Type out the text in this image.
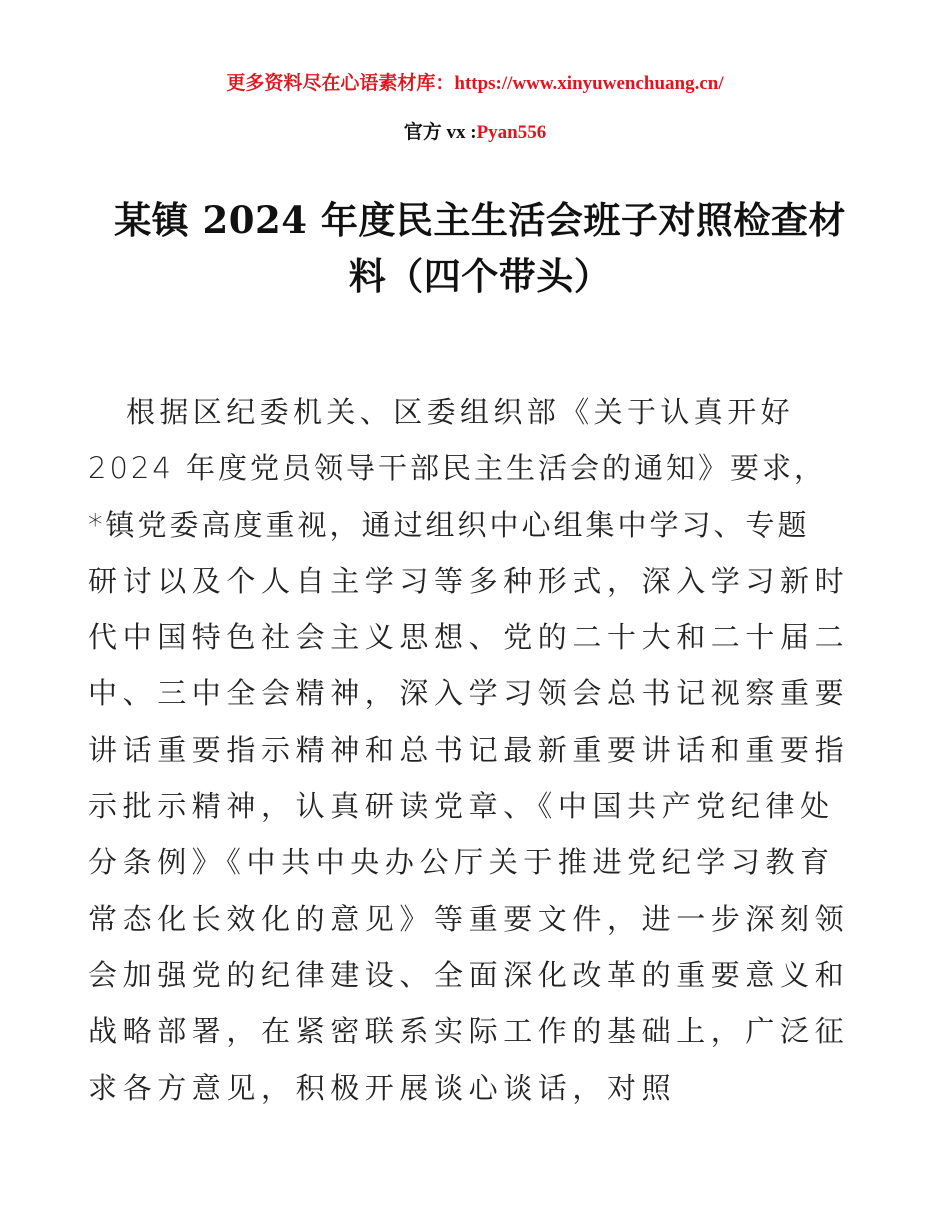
更多资料尽在心语素材库：https://www.xinyuwenchuang.cn/
官方 vx :Pyan556
某镇 2024 年度民主生活会班子对照检查材
料（四个带头）
根据区纪委机关、区委组织部《关于认真开好
2024 年度党员领导干部民主生活会的通知》要求，
*镇党委高度重视，通过组织中心组集中学习、专题
研讨以及个人自主学习等多种形式，深入学习新时
代中国特色社会主义思想、党的二十大和二十届二
中、三中全会精神，深入学习领会总书记视察重要
讲话重要指示精神和总书记最新重要讲话和重要指
示批示精神，认真研读党章、《中国共产党纪律处
分条例》《中共中央办公厅关于推进党纪学习教育
常态化长效化的意见》等重要文件，进一步深刻领
会加强党的纪律建设、全面深化改革的重要意义和
战略部署，在紧密联系实际工作的基础上，广泛征
求各方意见，积极开展谈心谈话，对照
